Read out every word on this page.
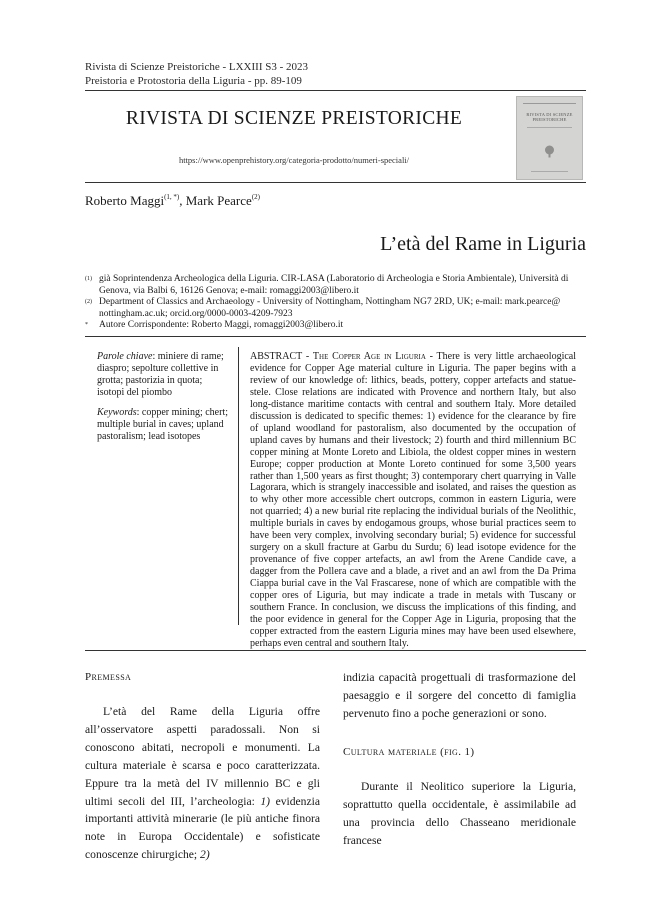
Rivista di Scienze Preistoriche - LXXIII S3 - 2023
Preistoria e Protostoria della Liguria - pp. 89-109
RIVISTA DI SCIENZE PREISTORICHE
https://www.openprehistory.org/categoria-prodotto/numeri-speciali/
RIVISTA DI SCIENZE PREISTORICHE
Roberto Maggi$^{(1, *)}$, Mark Pearce$^{(2)}$
L’età del Rame in Liguria
(1) già Soprintendenza Archeologica della Liguria. CIR-LASA (Laboratorio di Archeologia e Storia Ambientale), Università di Genova, via Balbi 6, 16126 Genova; e-mail: romaggi2003@libero.it
(2) Department of Classics and Archaeology - University of Nottingham, Nottingham NG7 2RD, UK; e-mail: mark.pearce@ nottingham.ac.uk; orcid.org/0000-0003-4209-7923
* Autore Corrispondente: Roberto Maggi, romaggi2003@libero.it

Parole chiave: miniere di rame; diaspro; sepolture collettive in grotta; pastorizia in quota; isotopi del piombo

Keywords: copper mining; chert; multiple burial in caves; upland pastoralism; lead isotopes

ABSTRACT - The Copper Age in Liguria - There is very little archaeological evidence for Copper Age material culture in Liguria. The paper begins with a review of our knowledge of: lithics, beads, pottery, copper artefacts and statue-stele. Close relations are indicated with Provence and northern Italy, but also long-distance maritime contacts with central and southern Italy. More detailed discussion is dedicated to specific themes: 1) evidence for the clearance by fire of upland woodland for pastoralism, also documented by the occupation of upland caves by humans and their livestock; 2) fourth and third millennium BC copper mining at Monte Loreto and Libiola, the oldest copper mines in western Europe; copper production at Monte Loreto continued for some 3,500 years rather than 1,500 years as first thought; 3) contemporary chert quarrying in Valle Lagorara, which is strangely inaccessible and isolated, and raises the question as to why other more accessible chert outcrops, common in eastern Liguria, were not quarried; 4) a new burial rite replacing the individual burials of the Neolithic, multiple burials in caves by endogamous groups, whose burial practices seem to have been very complex, involving secondary burial; 5) evidence for successful surgery on a skull fracture at Garbu du Surdu; 6) lead isotope evidence for the provenance of five copper artefacts, an awl from the Arene Candide cave, a dagger from the Pollera cave and a blade, a rivet and an awl from the Da Prima Ciappa burial cave in the Val Frascarese, none of which are compatible with the copper ores of Liguria, but may indicate a trade in metals with Tuscany or southern France. In conclusion, we discuss the implications of this finding, and the poor evidence in general for the Copper Age in Liguria, proposing that the copper extracted from the eastern Liguria mines may have been used elsewhere, perhaps even central and southern Italy.
Premessa

L’età del Rame della Liguria offre all’osservatore aspetti paradossali. Non si conoscono abitati, necropoli e monumenti. La cultura materiale è scarsa e poco caratterizzata. Eppure tra la metà del IV millennio BC e gli ultimi secoli del III, l’archeologia: 1) evidenzia importanti attività minerarie (le più antiche finora note in Europa Occidentale) e sofisticate conoscenze chirurgiche; 2)

indizia capacità progettuali di trasformazione del paesaggio e il sorgere del concetto di famiglia pervenuto fino a poche generazioni or sono.

Cultura materiale (fig. 1)

Durante il Neolitico superiore la Liguria, soprattutto quella occidentale, è assimilabile ad una provincia dello Chasseano meridionale francese
